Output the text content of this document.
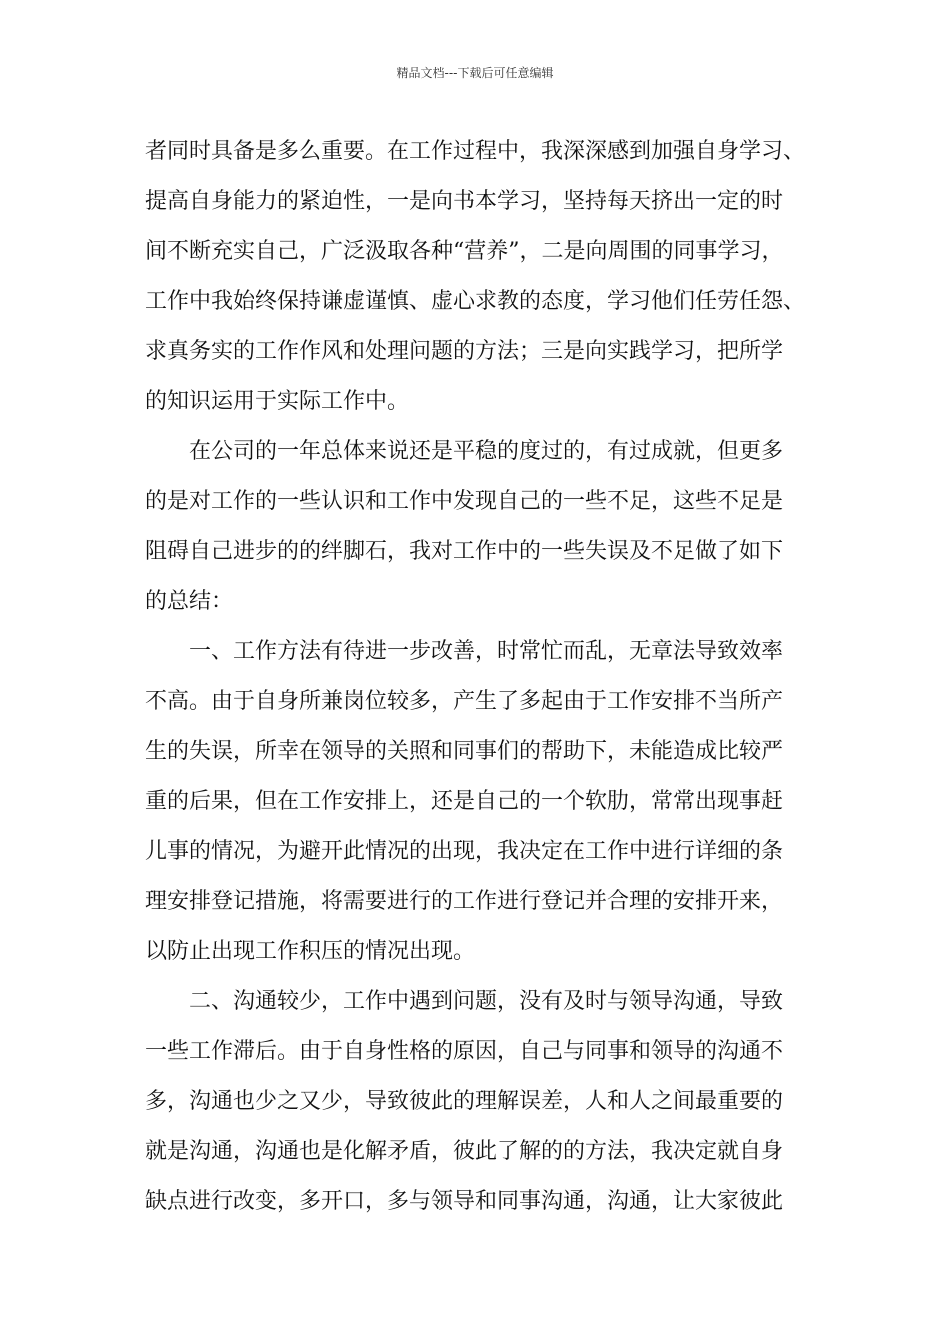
精品文档---下载后可任意编辑
者同时具备是多么重要。在工作过程中，我深深感到加强自身学习、
提高自身能力的紧迫性，一是向书本学习，坚持每天挤出一定的时
间不断充实自己，广泛汲取各种“营养”，二是向周围的同事学习，
工作中我始终保持谦虚谨慎、虚心求教的态度，学习他们任劳任怨、
求真务实的工作作风和处理问题的方法；三是向实践学习，把所学
的知识运用于实际工作中。
在公司的一年总体来说还是平稳的度过的，有过成就，但更多
的是对工作的一些认识和工作中发现自己的一些不足，这些不足是
阻碍自己进步的的绊脚石，我对工作中的一些失误及不足做了如下
的总结：
一、工作方法有待进一步改善，时常忙而乱，无章法导致效率
不高。由于自身所兼岗位较多，产生了多起由于工作安排不当所产
生的失误，所幸在领导的关照和同事们的帮助下，未能造成比较严
重的后果，但在工作安排上，还是自己的一个软肋，常常出现事赶
儿事的情况，为避开此情况的出现，我决定在工作中进行详细的条
理安排登记措施，将需要进行的工作进行登记并合理的安排开来，
以防止出现工作积压的情况出现。
二、沟通较少，工作中遇到问题，没有及时与领导沟通，导致
一些工作滞后。由于自身性格的原因，自己与同事和领导的沟通不
多，沟通也少之又少，导致彼此的理解误差，人和人之间最重要的
就是沟通，沟通也是化解矛盾，彼此了解的的方法，我决定就自身
缺点进行改变，多开口，多与领导和同事沟通，沟通，让大家彼此
